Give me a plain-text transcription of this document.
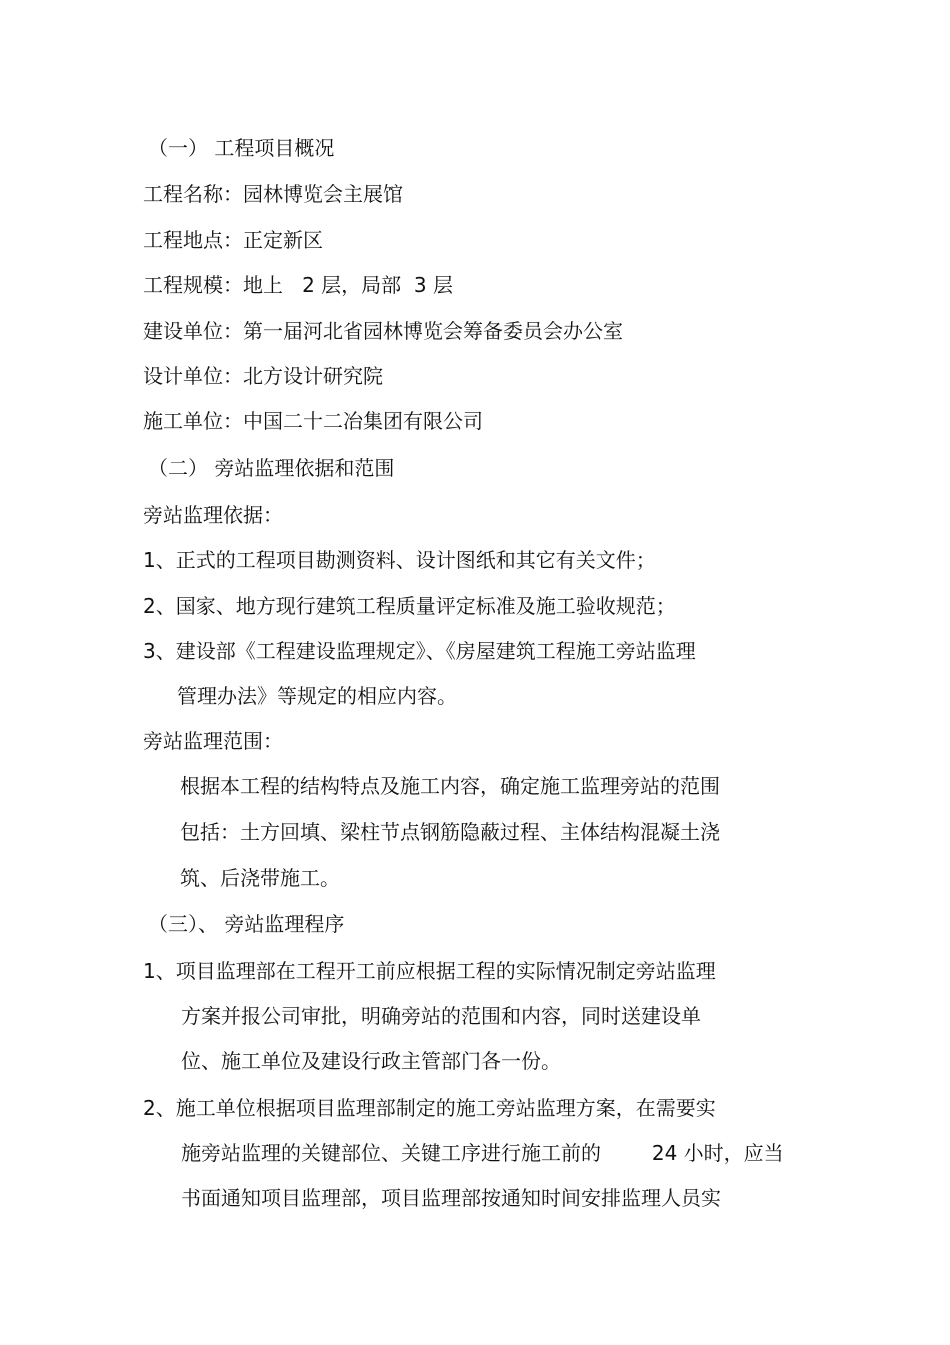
（一） 工程项目概况
工程名称：园林博览会主展馆
工程地点：正定新区
工程规模：地上   2 层，局部  3 层
建设单位：第一届河北省园林博览会筹备委员会办公室
设计单位：北方设计研究院
施工单位：中国二十二冶集团有限公司
（二） 旁站监理依据和范围
旁站监理依据：
1、正式的工程项目勘测资料、设计图纸和其它有关文件；
2、国家、地方现行建筑工程质量评定标准及施工验收规范；
3、建设部《工程建设监理规定》、《房屋建筑工程施工旁站监理
管理办法》等规定的相应内容。
旁站监理范围：
根据本工程的结构特点及施工内容，确定施工监理旁站的范围
包括：土方回填、梁柱节点钢筋隐蔽过程、主体结构混凝土浇
筑、后浇带施工。
（三）、 旁站监理程序
1、项目监理部在工程开工前应根据工程的实际情况制定旁站监理
方案并报公司审批，明确旁站的范围和内容，同时送建设单
位、施工单位及建设行政主管部门各一份。
2、施工单位根据项目监理部制定的施工旁站监理方案，在需要实
施旁站监理的关键部位、关键工序进行施工前的        24 小时，应当
书面通知项目监理部，项目监理部按通知时间安排监理人员实
